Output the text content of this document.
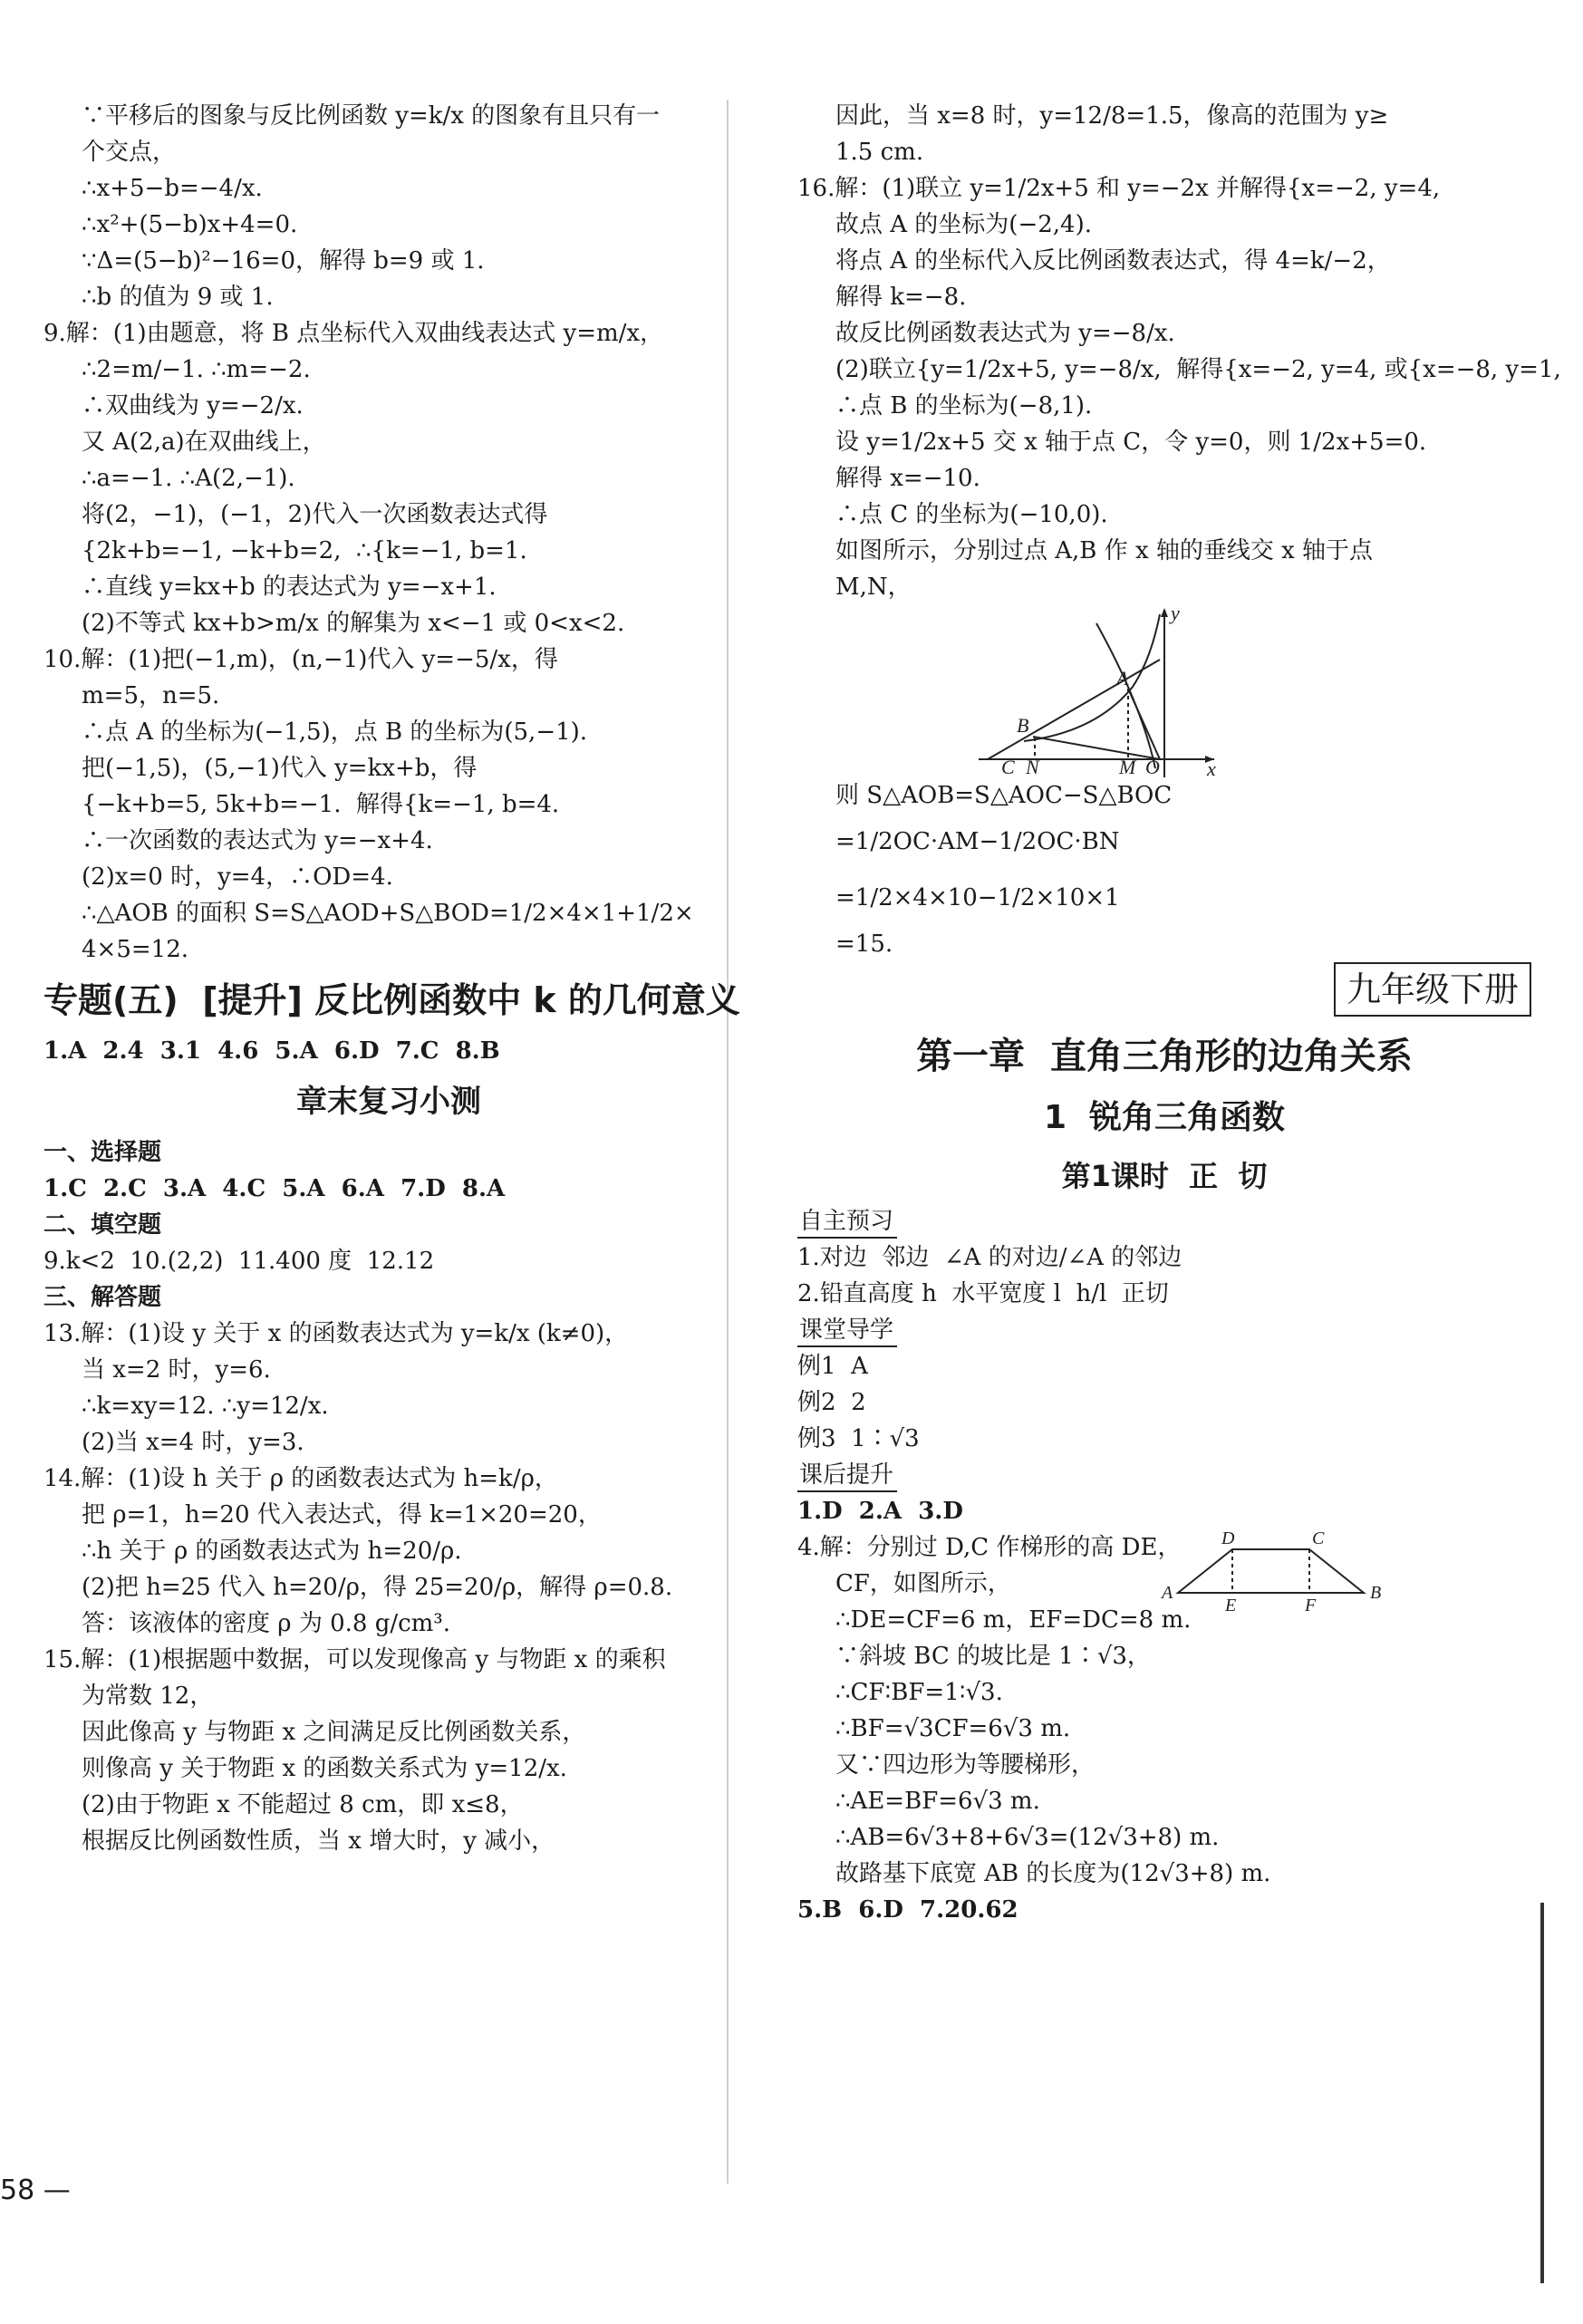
∵平移后的图象与反比例函数 y=k/x 的图象有且只有一
个交点，
∴x+5−b=−4/x.
∴x²+(5−b)x+4=0.
∵Δ=(5−b)²−16=0，解得 b=9 或 1.
∴b 的值为 9 或 1.
9.解：(1)由题意，将 B 点坐标代入双曲线表达式 y=m/x，
∴2=m/−1. ∴m=−2.
∴双曲线为 y=−2/x.
又 A(2,a)在双曲线上，
∴a=−1. ∴A(2,−1).
将(2，−1)，(−1，2)代入一次函数表达式得
{2k+b=−1, −k+b=2,  ∴{k=−1, b=1.
∴直线 y=kx+b 的表达式为 y=−x+1.
(2)不等式 kx+b>m/x 的解集为 x<−1 或 0<x<2.
10.解：(1)把(−1,m)，(n,−1)代入 y=−5/x，得
m=5，n=5.
∴点 A 的坐标为(−1,5)，点 B 的坐标为(5,−1).
把(−1,5)，(5,−1)代入 y=kx+b，得
{−k+b=5, 5k+b=−1.  解得{k=−1, b=4.
∴一次函数的表达式为 y=−x+4.
(2)x=0 时，y=4，∴OD=4.
∴△AOB 的面积 S=S△AOD+S△BOD=1/2×4×1+1/2×
4×5=12.
专题(五)  [提升] 反比例函数中 k 的几何意义
1.A  2.4  3.1  4.6  5.A  6.D  7.C  8.B
章末复习小测
一、选择题
1.C  2.C  3.A  4.C  5.A  6.A  7.D  8.A
二、填空题
9.k<2  10.(2,2)  11.400 度  12.12
三、解答题
13.解：(1)设 y 关于 x 的函数表达式为 y=k/x (k≠0)，
当 x=2 时，y=6.
∴k=xy=12. ∴y=12/x.
(2)当 x=4 时，y=3.
14.解：(1)设 h 关于 ρ 的函数表达式为 h=k/ρ，
把 ρ=1，h=20 代入表达式，得 k=1×20=20，
∴h 关于 ρ 的函数表达式为 h=20/ρ.
(2)把 h=25 代入 h=20/ρ，得 25=20/ρ，解得 ρ=0.8.
答：该液体的密度 ρ 为 0.8 g/cm³.
15.解：(1)根据题中数据，可以发现像高 y 与物距 x 的乘积
为常数 12，
因此像高 y 与物距 x 之间满足反比例函数关系，
则像高 y 关于物距 x 的函数关系式为 y=12/x.
(2)由于物距 x 不能超过 8 cm，即 x≤8，
根据反比例函数性质，当 x 增大时，y 减小，
58 —
因此，当 x=8 时，y=12/8=1.5，像高的范围为 y≥
1.5 cm.
16.解：(1)联立 y=1/2x+5 和 y=−2x 并解得{x=−2, y=4,
故点 A 的坐标为(−2,4).
将点 A 的坐标代入反比例函数表达式，得 4=k/−2，
解得 k=−8.
故反比例函数表达式为 y=−8/x.
(2)联立{y=1/2x+5, y=−8/x,  解得{x=−2, y=4, 或{x=−8, y=1,
∴点 B 的坐标为(−8,1).
设 y=1/2x+5 交 x 轴于点 C，令 y=0，则 1/2x+5=0.
解得 x=−10.
∴点 C 的坐标为(−10,0).
如图所示，分别过点 A,B 作 x 轴的垂线交 x 轴于点
M,N，
y
x
A
B
C N	M O
则 S△AOB=S△AOC−S△BOC
=1/2OC·AM−1/2OC·BN
=1/2×4×10−1/2×10×1
=15.
九年级下册
第一章  直角三角形的边角关系
1  锐角三角函数
第1课时  正  切
自主预习
1.对边  邻边  ∠A 的对边/∠A 的邻边
2.铅直高度 h  水平宽度 l  h/l  正切
课堂导学
例1  A
例2  2
例3  1∶√3
课后提升
1.D  2.A  3.D
A	B
C
D
E	F
4.解：分别过 D,C 作梯形的高 DE，
CF，如图所示，
∴DE=CF=6 m，EF=DC=8 m.
∵斜坡 BC 的坡比是 1∶√3，
∴CF∶BF=1∶√3.
∴BF=√3CF=6√3 m.
又∵四边形为等腰梯形，
∴AE=BF=6√3 m.
∴AB=6√3+8+6√3=(12√3+8) m.
故路基下底宽 AB 的长度为(12√3+8) m.
5.B  6.D  7.20.62
